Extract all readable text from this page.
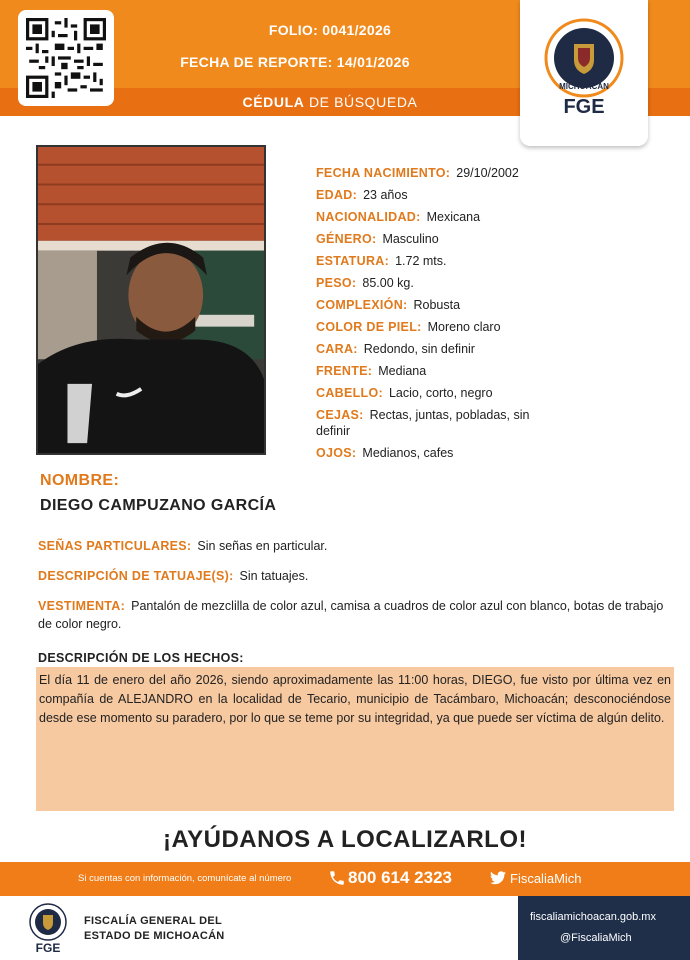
FOLIO: 0041/2026
FECHA DE REPORTE: 14/01/2026
CÉDULA DE BÚSQUEDA
MICHOACÁN
FGE
FECHA NACIMIENTO: 29/10/2002
EDAD: 23 años
NACIONALIDAD: Mexicana
GÉNERO: Masculino
ESTATURA: 1.72 mts.
PESO: 85.00 kg.
COMPLEXIÓN: Robusta
COLOR DE PIEL: Moreno claro
CARA: Redondo, sin definir
FRENTE: Mediana
CABELLO: Lacio, corto, negro
CEJAS: Rectas, juntas, pobladas, sin definir
OJOS: Medianos, cafes
NOMBRE:
DIEGO CAMPUZANO GARCÍA
SEÑAS PARTICULARES: Sin señas en particular.
DESCRIPCIÓN DE TATUAJE(S): Sin tatuajes.
VESTIMENTA: Pantalón de mezclilla de color azul, camisa a cuadros de color azul con blanco, botas de trabajo de color negro.
DESCRIPCIÓN DE LOS HECHOS:
El día 11 de enero del año 2026, siendo aproximadamente las 11:00 horas, DIEGO, fue visto por última vez en compañía de ALEJANDRO en la localidad de Tecario, municipio de Tacámbaro, Michoacán; desconociéndose desde ese momento su paradero, por lo que se teme por su integridad, ya que puede ser víctima de algún delito.
¡AYÚDANOS A LOCALIZARLO!
Si cuentas con información, comunícate al número	800 614 2323	FiscaliaMich
FGE
FISCALÍA GENERAL DEL
ESTADO DE MICHOACÁN
fiscaliamichoacan.gob.mx
@FiscaliaMich
